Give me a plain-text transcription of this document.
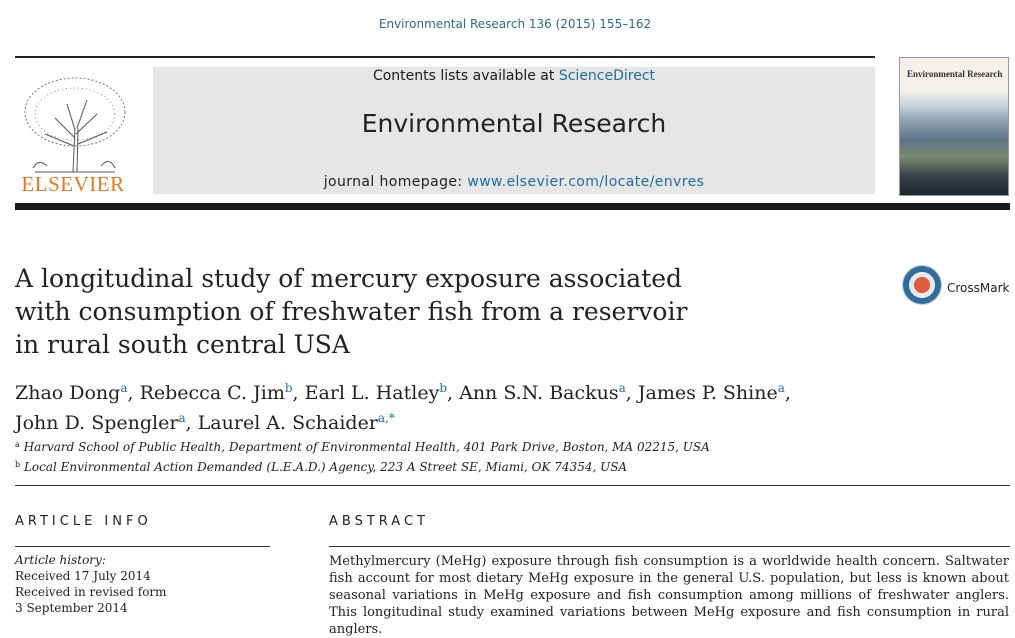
Environmental Research 136 (2015) 155–162
ELSEVIER
Contents lists available at ScienceDirect
Environmental Research
journal homepage: www.elsevier.com/locate/envres
Environmental Research
A longitudinal study of mercury exposure associated
with consumption of freshwater fish from a reservoir
in rural south central USA
CrossMark
Zhao Dong$^a$, Rebecca C. Jim$^b$, Earl L. Hatley$^b$, Ann S.N. Backus$^a$, James P. Shine$^a$,
John D. Spengler$^a$, Laurel A. Schaider$^{a,*}$
$^a$ Harvard School of Public Health, Department of Environmental Health, 401 Park Drive, Boston, MA 02215, USA
$^b$ Local Environmental Action Demanded (L.E.A.D.) Agency, 223 A Street SE, Miami, OK 74354, USA
ARTICLE INFO	ABSTRACT
Article history:
Received 17 July 2014
Received in revised form
3 September 2014
Methylmercury (MeHg) exposure through fish consumption is a worldwide health concern. Saltwater fish account for most dietary MeHg exposure in the general U.S. population, but less is known about seasonal variations in MeHg exposure and fish consumption among millions of freshwater anglers. This longitudinal study examined variations between MeHg exposure and fish consumption in rural anglers.
